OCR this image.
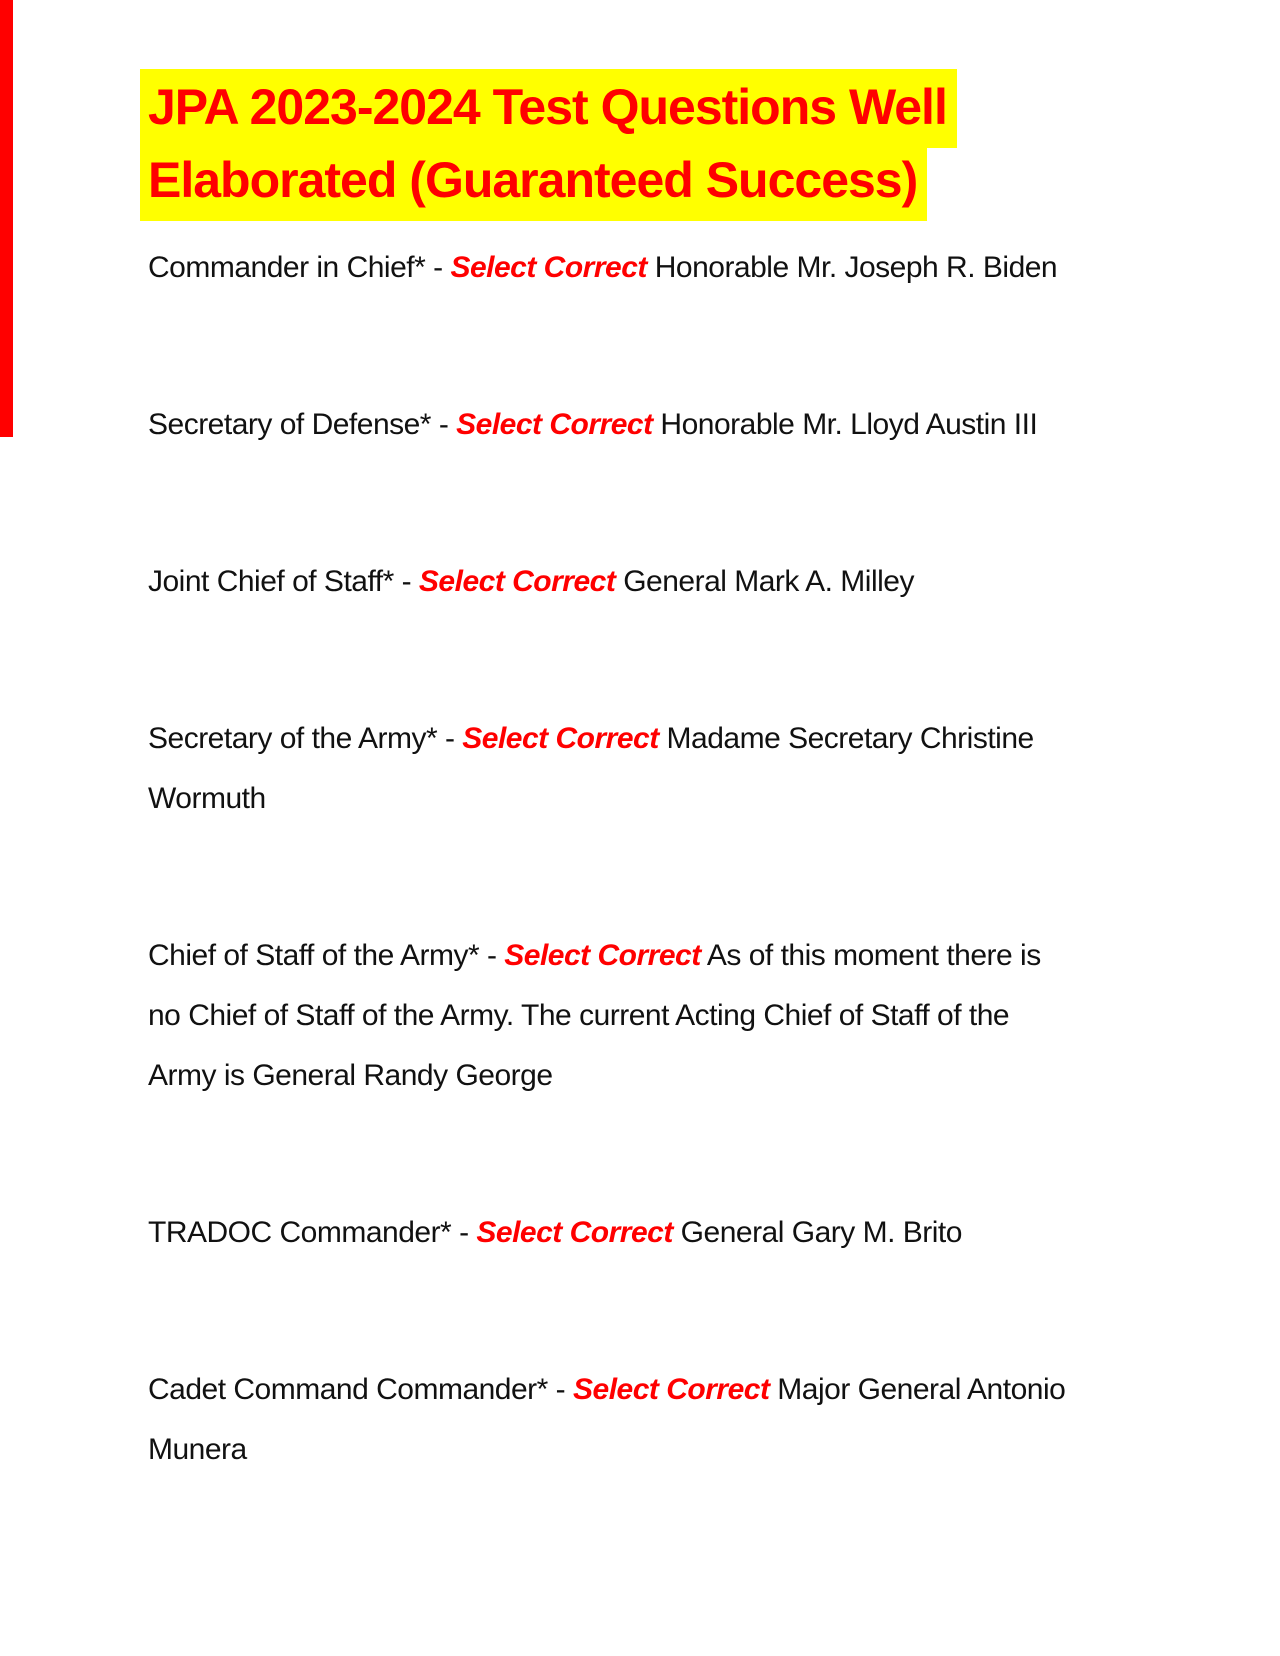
JPA 2023-2024 Test Questions Well
Elaborated (Guaranteed Success)
Commander in Chief* - Select Correct Honorable Mr. Joseph R. Biden
Secretary of Defense* - Select Correct Honorable Mr. Lloyd Austin III
Joint Chief of Staff* - Select Correct General Mark A. Milley
Secretary of the Army* - Select Correct Madame Secretary Christine
Wormuth
Chief of Staff of the Army* - Select Correct As of this moment there is
no Chief of Staff of the Army. The current Acting Chief of Staff of the
Army is General Randy George
TRADOC Commander* - Select Correct General Gary M. Brito
Cadet Command Commander* - Select Correct Major General Antonio
Munera
